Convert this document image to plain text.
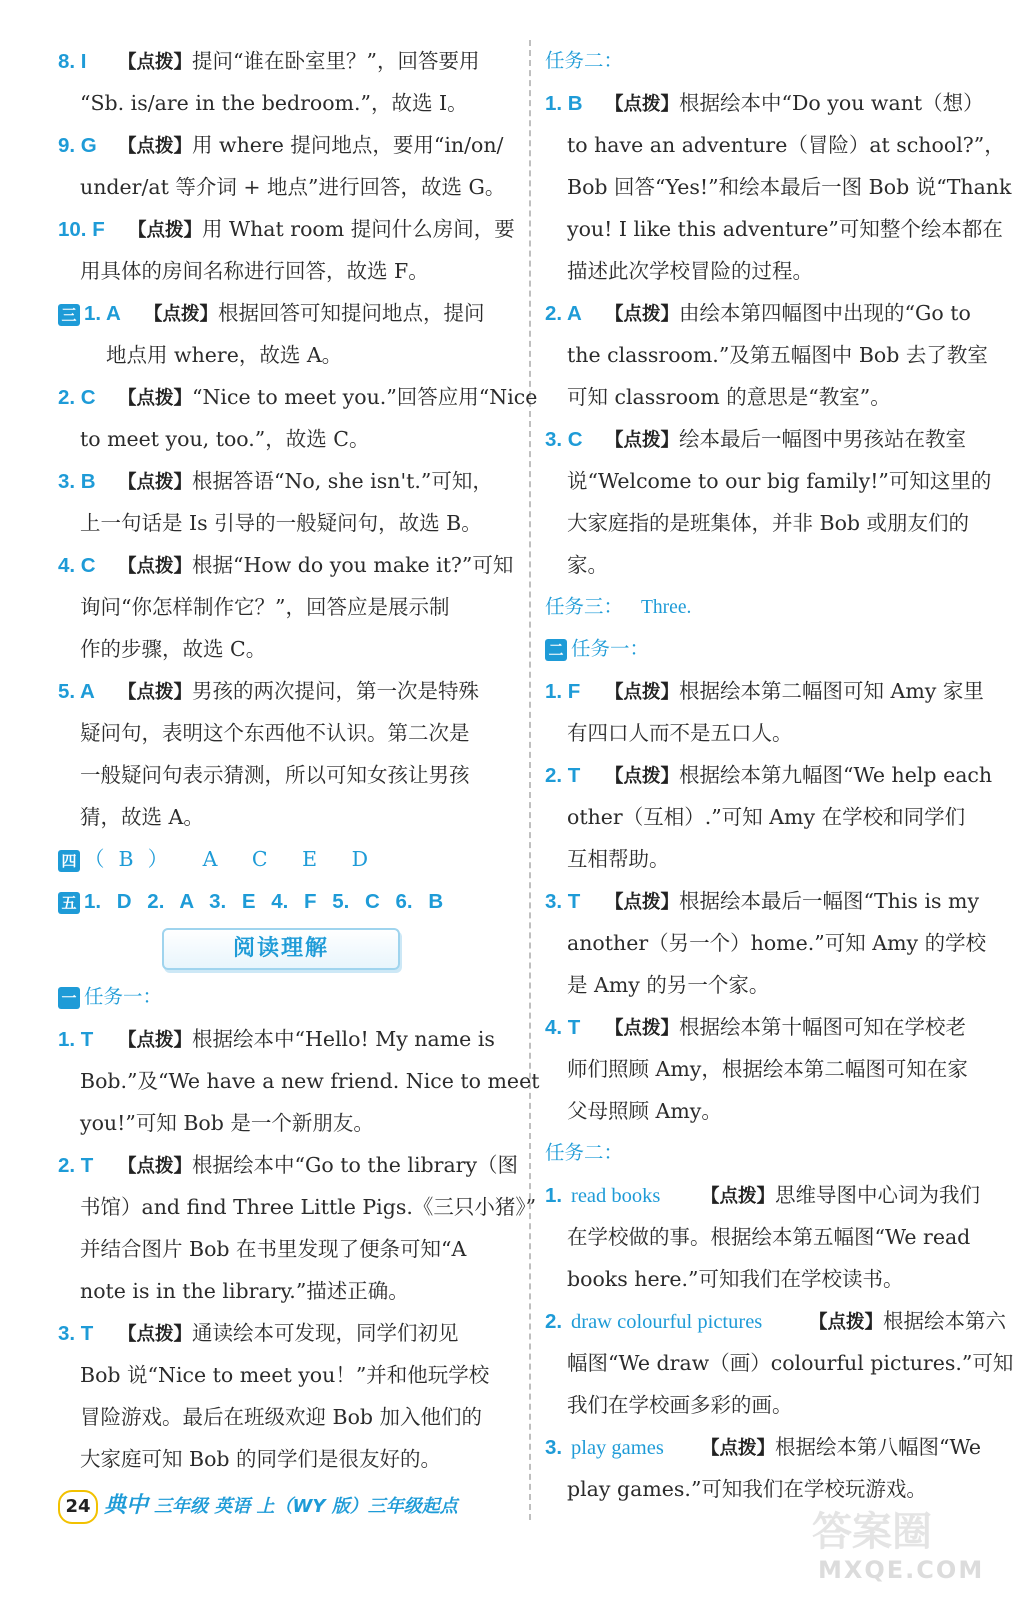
8. I 【点拨】提问“谁在卧室里？”，回答要用
“Sb. is/are in the bedroom.”，故选 I。
9. G 【点拨】用 where 提问地点，要用“in/on/
under/at 等介词 + 地点”进行回答，故选 G。
10. F 【点拨】用 What room 提问什么房间，要
用具体的房间名称进行回答，故选 F。
三 1. A 【点拨】根据回答可知提问地点，提问
地点用 where，故选 A。
2. C 【点拨】“Nice to meet you.”回答应用“Nice
to meet you, too.”，故选 C。
3. B 【点拨】根据答语“No, she isn't.”可知，
上一句话是 Is 引导的一般疑问句，故选 B。
4. C 【点拨】根据“How do you make it?”可知
询问“你怎样制作它？”，回答应是展示制
作的步骤，故选 C。
5. A 【点拨】男孩的两次提问，第一次是特殊
疑问句，表明这个东西他不认识。第二次是
一般疑问句表示猜测，所以可知女孩让男孩
猜，故选 A。
四 （B） A C E D
五 1. D 2. A 3. E 4. F 5. C 6. B
阅读理解
一 任务一：
1. T 【点拨】根据绘本中“Hello! My name is
Bob.”及“We have a new friend. Nice to meet
you!”可知 Bob 是一个新朋友。
2. T 【点拨】根据绘本中“Go to the library（图
书馆）and find Three Little Pigs.《三只小猪》”
并结合图片 Bob 在书里发现了便条可知“A
note is in the library.”描述正确。
3. T 【点拨】通读绘本可发现，同学们初见
Bob 说“Nice to meet you！”并和他玩学校
冒险游戏。最后在班级欢迎 Bob 加入他们的
大家庭可知 Bob 的同学们是很友好的。
任务二：
1. B 【点拨】根据绘本中“Do you want（想）
to have an adventure（冒险）at school?”，
Bob 回答“Yes!”和绘本最后一图 Bob 说“Thank
you! I like this adventure”可知整个绘本都在
描述此次学校冒险的过程。
2. A 【点拨】由绘本第四幅图中出现的“Go to
the classroom.”及第五幅图中 Bob 去了教室
可知 classroom 的意思是“教室”。
3. C 【点拨】绘本最后一幅图中男孩站在教室
说“Welcome to our big family!”可知这里的
大家庭指的是班集体，并非 Bob 或朋友们的
家。
任务三： Three.
二 任务一：
1. F 【点拨】根据绘本第二幅图可知 Amy 家里
有四口人而不是五口人。
2. T 【点拨】根据绘本第九幅图“We help each
other（互相）.”可知 Amy 在学校和同学们
互相帮助。
3. T 【点拨】根据绘本最后一幅图“This is my
another（另一个）home.”可知 Amy 的学校
是 Amy 的另一个家。
4. T 【点拨】根据绘本第十幅图可知在学校老
师们照顾 Amy，根据绘本第二幅图可知在家
父母照顾 Amy。
任务二：
1. read books 【点拨】思维导图中心词为我们
在学校做的事。根据绘本第五幅图“We read
books here.”可知我们在学校读书。
2. draw colourful pictures	【点拨】根据绘本第六
幅图“We draw（画）colourful pictures.”可知
我们在学校画多彩的画。
3. play games 【点拨】根据绘本第八幅图“We
play games.”可知我们在学校玩游戏。
24 典中 三年级 英语 上（WY 版）三年级起点
答案圈
MXQE.COM
